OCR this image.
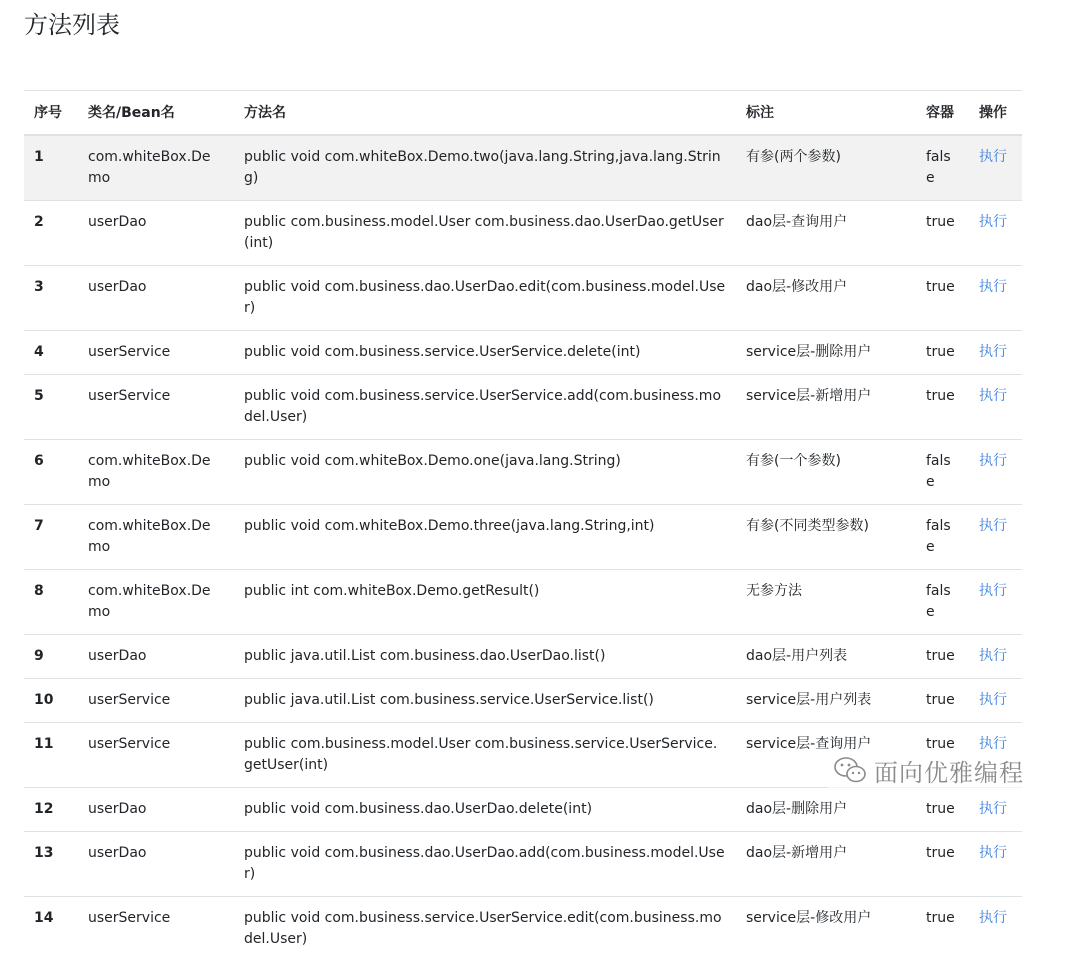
方法列表
序号	类名/Bean名	方法名	标注	容器	操作
1	com.whiteBox.Demo	public void com.whiteBox.Demo.two(java.lang.String,java.lang.String)	有参(两个参数)	false	执行
2	userDao	public com.business.model.User com.business.dao.UserDao.getUser(int)	dao层-查询用户	true	执行
3	userDao	public void com.business.dao.UserDao.edit(com.business.model.User)	dao层-修改用户	true	执行
4	userService	public void com.business.service.UserService.delete(int)	service层-删除用户	true	执行
5	userService	public void com.business.service.UserService.add(com.business.model.User)	service层-新增用户	true	执行
6	com.whiteBox.Demo	public void com.whiteBox.Demo.one(java.lang.String)	有参(一个参数)	false	执行
7	com.whiteBox.Demo	public void com.whiteBox.Demo.three(java.lang.String,int)	有参(不同类型参数)	false	执行
8	com.whiteBox.Demo	public int com.whiteBox.Demo.getResult()	无参方法	false	执行
9	userDao	public java.util.List com.business.dao.UserDao.list()	dao层-用户列表	true	执行
10	userService	public java.util.List com.business.service.UserService.list()	service层-用户列表	true	执行
11	userService	public com.business.model.User com.business.service.UserService.getUser(int)	service层-查询用户	true	执行
12	userDao	public void com.business.dao.UserDao.delete(int)	dao层-删除用户	true	执行
13	userDao	public void com.business.dao.UserDao.add(com.business.model.User)	dao层-新增用户	true	执行
14	userService	public void com.business.service.UserService.edit(com.business.model.User)	service层-修改用户	true	执行
面向优雅编程
